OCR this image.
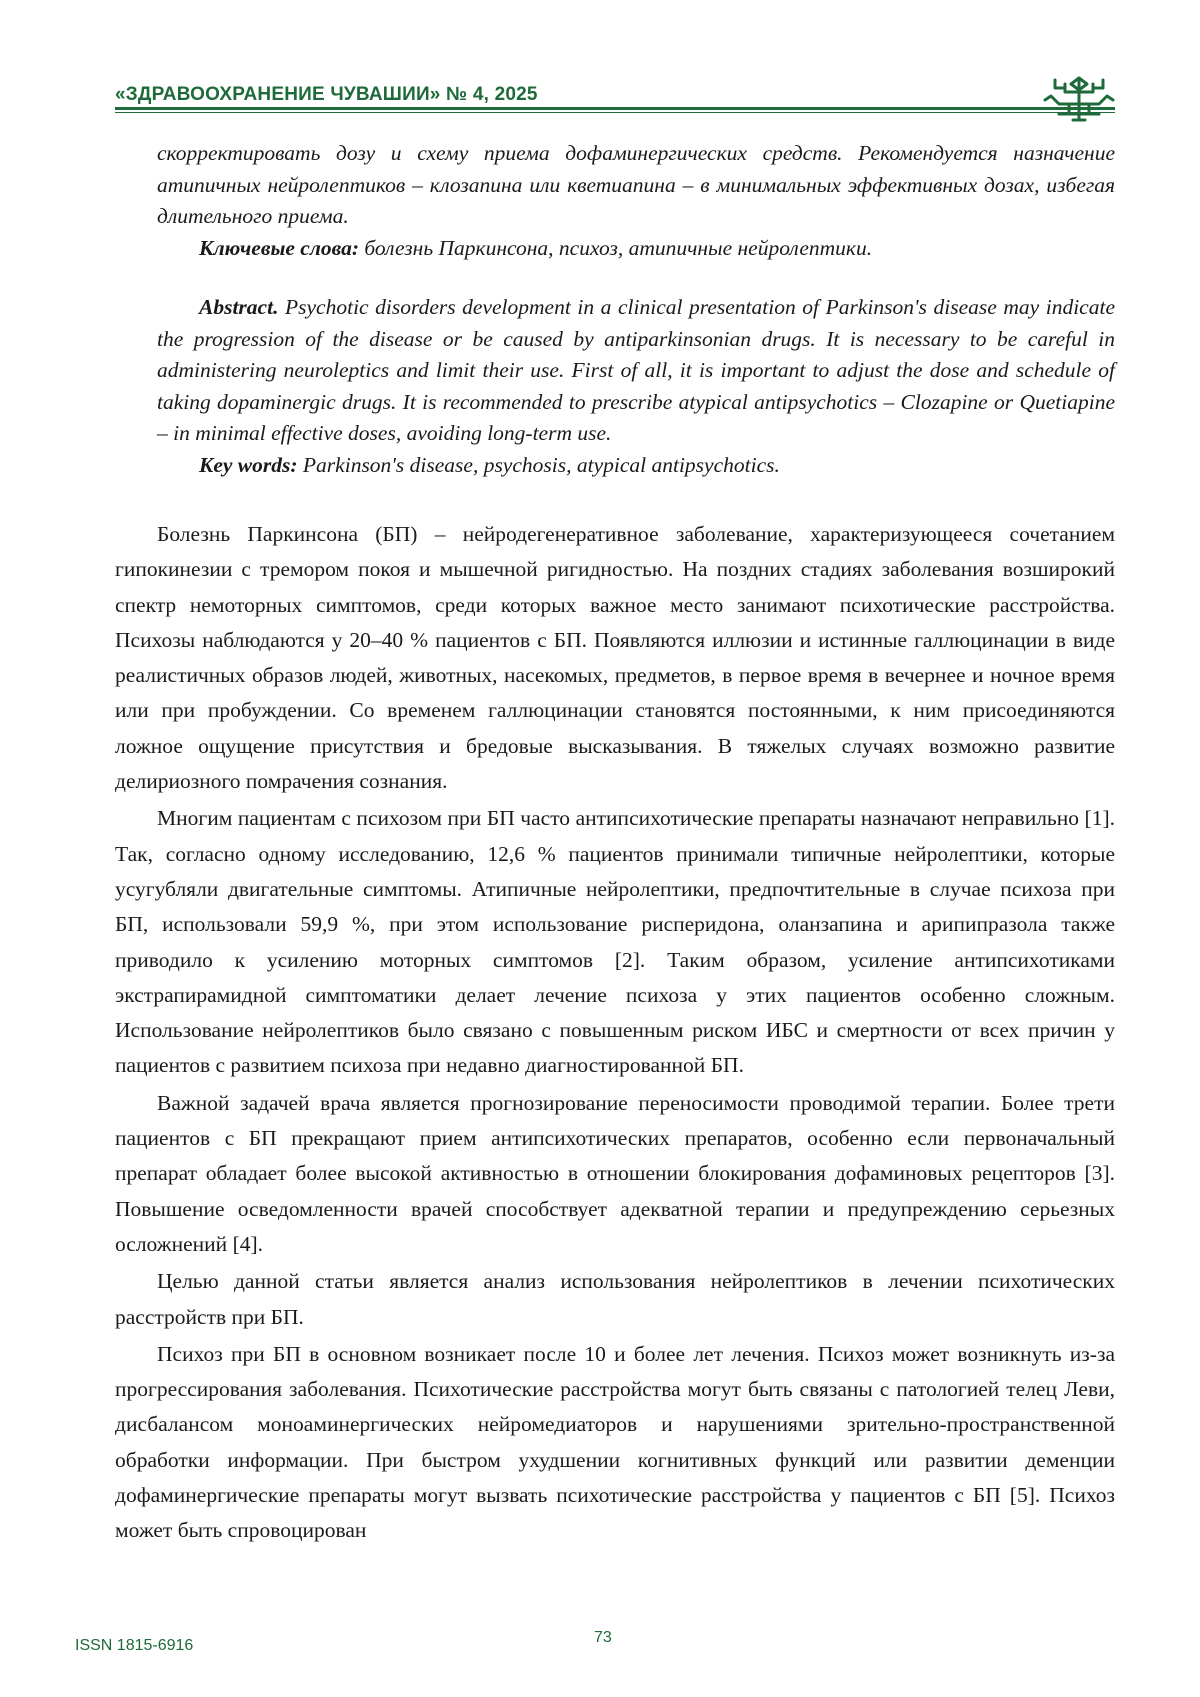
«ЗДРАВООХРАНЕНИЕ ЧУВАШИИ» № 4, 2025

скорректировать дозу и схему приема дофаминергических средств. Рекомендуется назначение атипичных нейролептиков – клозапина или кветиапина – в минимальных эффективных дозах, избегая длительного приема.

Ключевые слова: болезнь Паркинсона, психоз, атипичные нейролептики.

Abstract. Psychotic disorders development in a clinical presentation of Parkinson's disease may indicate the progression of the disease or be caused by antiparkinsonian drugs. It is necessary to be careful in administering neuroleptics and limit their use. First of all, it is important to adjust the dose and schedule of taking dopaminergic drugs. It is recommended to prescribe atypical antipsychotics – Clozapine or Quetiapine – in minimal effective doses, avoiding long-term use.

Key words: Parkinson's disease, psychosis, atypical antipsychotics.

Болезнь Паркинсона (БП) – нейродегенеративное заболевание, характеризующееся сочетанием гипокинезии с тремором покоя и мышечной ригидностью. На поздних стадиях заболевания возширокий спектр немоторных симптомов, среди которых важное место занимают психотические расстройства. Психозы наблюдаются у 20–40 % пациентов с БП. Появляются иллюзии и истинные галлюцинации в виде реалистичных образов людей, животных, насекомых, предметов, в первое время в вечернее и ночное время или при пробуждении. Со временем галлюцинации становятся постоянными, к ним присоединяются ложное ощущение присутствия и бредовые высказывания. В тяжелых случаях возможно развитие делириозного помрачения сознания.

Многим пациентам с психозом при БП часто антипсихотические препараты назначают неправильно [1]. Так, согласно одному исследованию, 12,6 % пациентов принимали типичные нейролептики, которые усугубляли двигательные симптомы. Атипичные нейролептики, предпочтительные в случае психоза при БП, использовали 59,9 %, при этом использование рисперидона, оланзапина и арипипразола также приводило к усилению моторных симптомов [2]. Таким образом, усиление антипсихотиками экстрапирамидной симптоматики делает лечение психоза у этих пациентов особенно сложным. Использование нейролептиков было связано с повышенным риском ИБС и смертности от всех причин у пациентов с развитием психоза при недавно диагностированной БП.

Важной задачей врача является прогнозирование переносимости проводимой терапии. Более трети пациентов с БП прекращают прием антипсихотических препаратов, особенно если первоначальный препарат обладает более высокой активностью в отношении блокирования дофаминовых рецепторов [3]. Повышение осведомленности врачей способствует адекватной терапии и предупреждению серьезных осложнений [4].

Целью данной статьи является анализ использования нейролептиков в лечении психотических расстройств при БП.

Психоз при БП в основном возникает после 10 и более лет лечения. Психоз может возникнуть из-за прогрессирования заболевания. Психотические расстройства могут быть связаны с патологией телец Леви, дисбалансом моноаминергических нейромедиаторов и нарушениями зрительно-пространственной обработки информации. При быстром ухудшении когнитивных функций или развитии деменции дофаминергические препараты могут вызвать психотические расстройства у пациентов с БП [5]. Психоз может быть спровоцирован

ISSN 1815-6916	73
